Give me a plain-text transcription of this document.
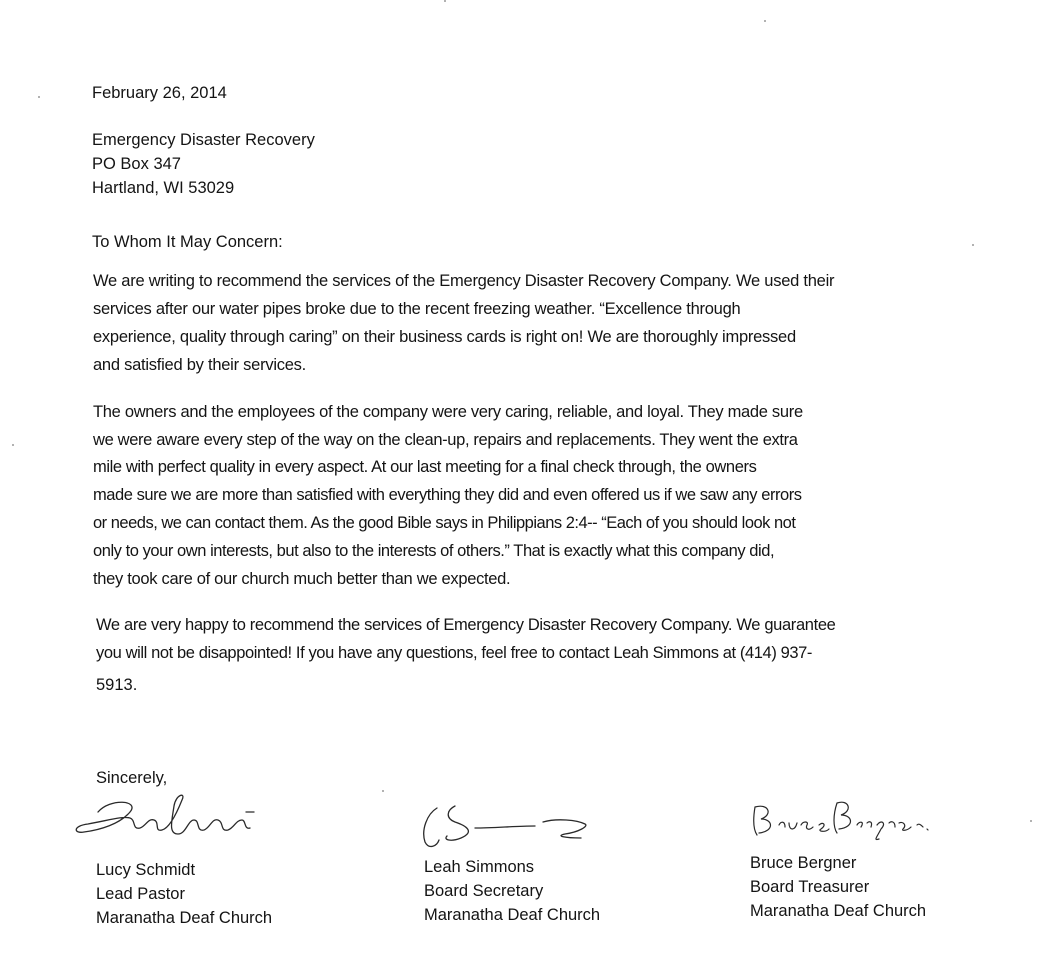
February 26, 2014

Emergency Disaster Recovery

PO Box 347

Hartland, WI 53029

To Whom It May Concern:

We are writing to recommend the services of the Emergency Disaster Recovery Company. We used their

services after our water pipes broke due to the recent freezing weather. “Excellence through

experience, quality through caring” on their business cards is right on! We are thoroughly impressed

and satisfied by their services.

The owners and the employees of the company were very caring, reliable, and loyal. They made sure

we were aware every step of the way on the clean-up, repairs and replacements. They went the extra

mile with perfect quality in every aspect. At our last meeting for a final check through, the owners

made sure we are more than satisfied with everything they did and even offered us if we saw any errors

or needs, we can contact them. As the good Bible says in Philippians 2:4-- “Each of you should look not

only to your own interests, but also to the interests of others.” That is exactly what this company did,

they took care of our church much better than we expected.

We are very happy to recommend the services of Emergency Disaster Recovery Company. We guarantee

you will not be disappointed! If you have any questions, feel free to contact Leah Simmons at (414) 937-

5913.

Sincerely,

Lucy Schmidt
Lead Pastor
Maranatha Deaf Church
Leah Simmons
Board Secretary
Maranatha Deaf Church
Bruce Bergner
Board Treasurer
Maranatha Deaf Church
